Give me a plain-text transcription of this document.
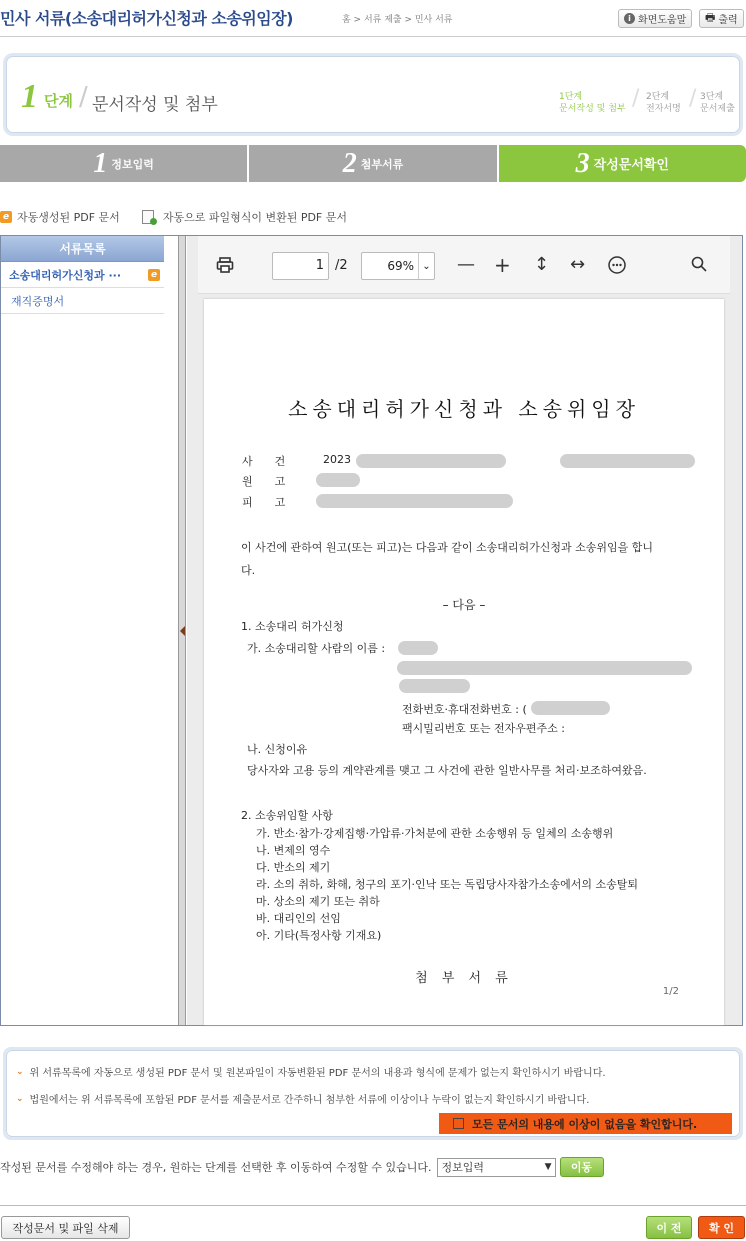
민사 서류(소송대리허가신청과 소송위임장)	홈 > 서류 제출 > 민사 서류	i 화면도움말 🖶 출력
1 단계 / 문서작성 및 첨부	1단계
문서작성 및 첨부 / 2단계
전자서명 / 3단계
문서제출
1 정보입력	2 첨부서류	3 작성문서확인
e 자동생성된 PDF 문서	자동으로 파일형식이 변환된 PDF 문서
서류목록
소송대리허가신청과 ···	e
재직증명서
1 /2	69% ⌄ — + ↕ ↔
소송대리허가신청과 소송위임장
사　　건	2023
원　　고
피　　고
이 사건에 관하여 원고(또는 피고)는 다음과 같이 소송대리허가신청과 소송위임을 합니
다.
– 다음 –
1. 소송대리 허가신청
가. 소송대리할 사람의 이름 :
전화번호·휴대전화번호 : (
팩시밀리번호 또는 전자우편주소 :
나. 신청이유
당사자와 고용 등의 계약관계를 맺고 그 사건에 관한 일반사무를 처리·보조하여왔음.
2. 소송위임할 사항
가. 반소·참가·강제집행·가압류·가처분에 관한 소송행위 등 일체의 소송행위
나. 변제의 영수
다. 반소의 제기
라. 소의 취하, 화해, 청구의 포기·인낙 또는 독립당사자참가소송에서의 소송탈퇴
마. 상소의 제기 또는 취하
바. 대리인의 선임
아. 기타(특정사항 기재요)
첨 부 서 류
1/2
⌄ 위 서류목록에 자동으로 생성된 PDF 문서 및 원본파일이 자동변환된 PDF 문서의 내용과 형식에 문제가 없는지 확인하시기 바랍니다.
⌄ 법원에서는 위 서류목록에 포함된 PDF 문서를 제출문서로 간주하니 첨부한 서류에 이상이나 누락이 없는지 확인하시기 바랍니다.
모든 문서의 내용에 이상이 없음을 확인합니다.
작성된 문서를 수정해야 하는 경우, 원하는 단계를 선택한 후 이동하여 수정할 수 있습니다. 정보입력	▼	이동
작성문서 및 파일 삭제	이 전	확 인
